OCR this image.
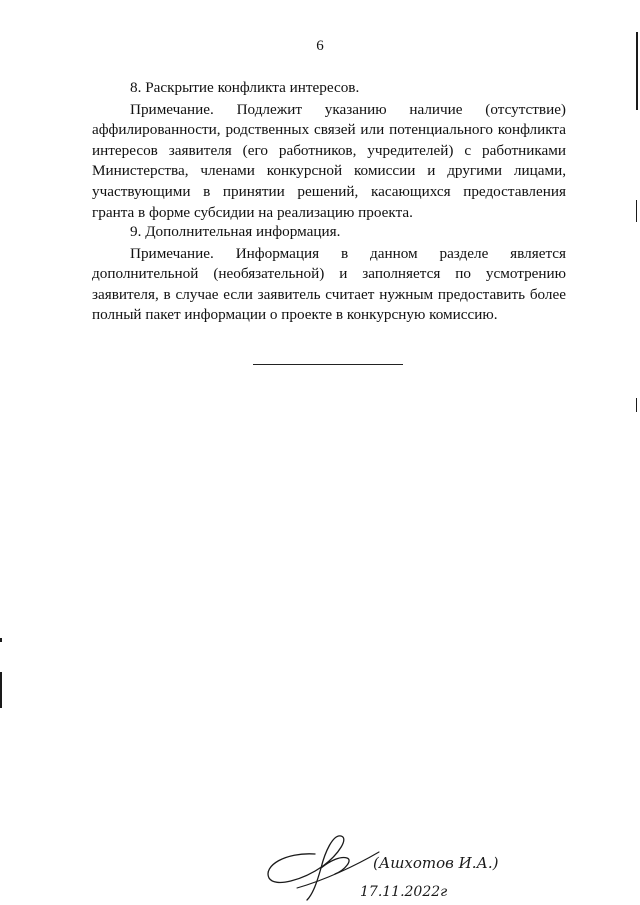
6

8. Раскрытие конфликта интересов.

Примечание. Подлежит указанию наличие (отсутствие) аффилированности, родственных связей или потенциального конфликта интересов заявителя (его работников, учредителей) с работниками Министерства, членами конкурсной комиссии и другими лицами, участвующими в принятии решений, касающихся предоставления гранта в форме субсидии на реализацию проекта.

9. Дополнительная информация.

Примечание. Информация в данном разделе является дополнительной (необязательной) и заполняется по усмотрению заявителя, в случае если заявитель считает нужным предоставить более полный пакет информации о проекте в конкурсную комиссию.

(Ашхотов И.А.)
17.11.2022г
